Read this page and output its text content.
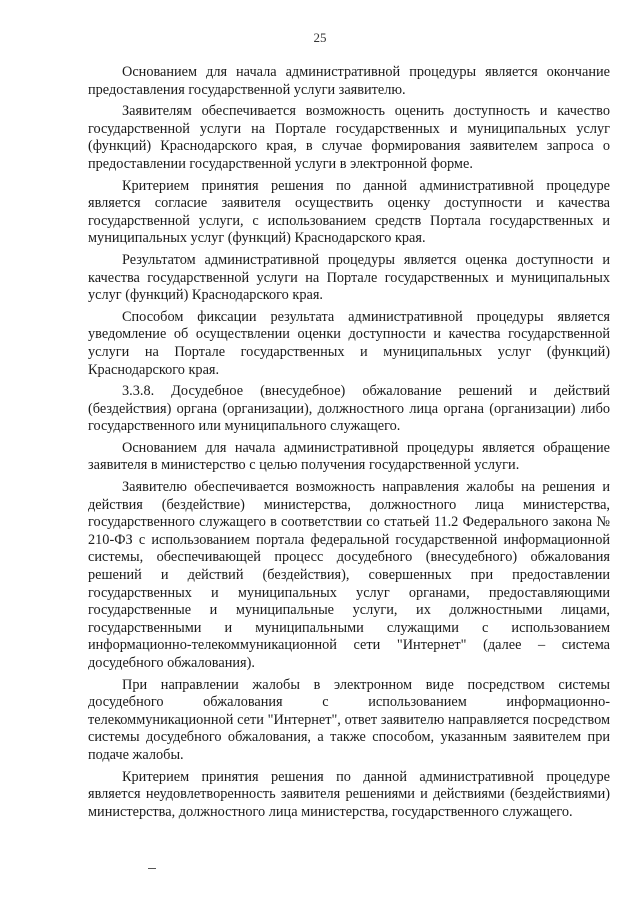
25

Основанием для начала административной процедуры является окончание предоставления государственной услуги заявителю.

Заявителям обеспечивается возможность оценить доступность и качество государственной услуги на Портале государственных и муниципальных услуг (функций) Краснодарского края, в случае формирования заявителем запроса о предоставлении государственной услуги в электронной форме.

Критерием принятия решения по данной административной процедуре является согласие заявителя осуществить оценку доступности и качества государственной услуги, с использованием средств Портала государственных и муниципальных услуг (функций) Краснодарского края.

Результатом административной процедуры является оценка доступности и качества государственной услуги на Портале государственных и муниципальных услуг (функций) Краснодарского края.

Способом фиксации результата административной процедуры является уведомление об осуществлении оценки доступности и качества государственной услуги на Портале государственных и муниципальных услуг (функций) Краснодарского края.

3.3.8. Досудебное (внесудебное) обжалование решений и действий (бездействия) органа (организации), должностного лица органа (организации) либо государственного или муниципального служащего.

Основанием для начала административной процедуры является обращение заявителя в министерство с целью получения государственной услуги.

Заявителю обеспечивается возможность направления жалобы на решения и действия (бездействие) министерства, должностного лица министерства, государственного служащего в соответствии со статьей 11.2 Федерального закона № 210-ФЗ с использованием портала федеральной государственной информационной системы, обеспечивающей процесс досудебного (внесудебного) обжалования решений и действий (бездействия), совершенных при предоставлении государственных и муниципальных услуг органами, предоставляющими государственные и муниципальные услуги, их должностными лицами, государственными и муниципальными служащими с использованием информационно-телекоммуникационной сети "Интернет" (далее – система досудебного обжалования).

При направлении жалобы в электронном виде посредством системы досудебного обжалования с использованием информационно-телекоммуникационной сети "Интернет", ответ заявителю направляется посредством системы досудебного обжалования, а также способом, указанным заявителем при подаче жалобы.

Критерием принятия решения по данной административной процедуре является неудовлетворенность заявителя решениями и действиями (бездействиями) министерства, должностного лица министерства, государственного служащего.
